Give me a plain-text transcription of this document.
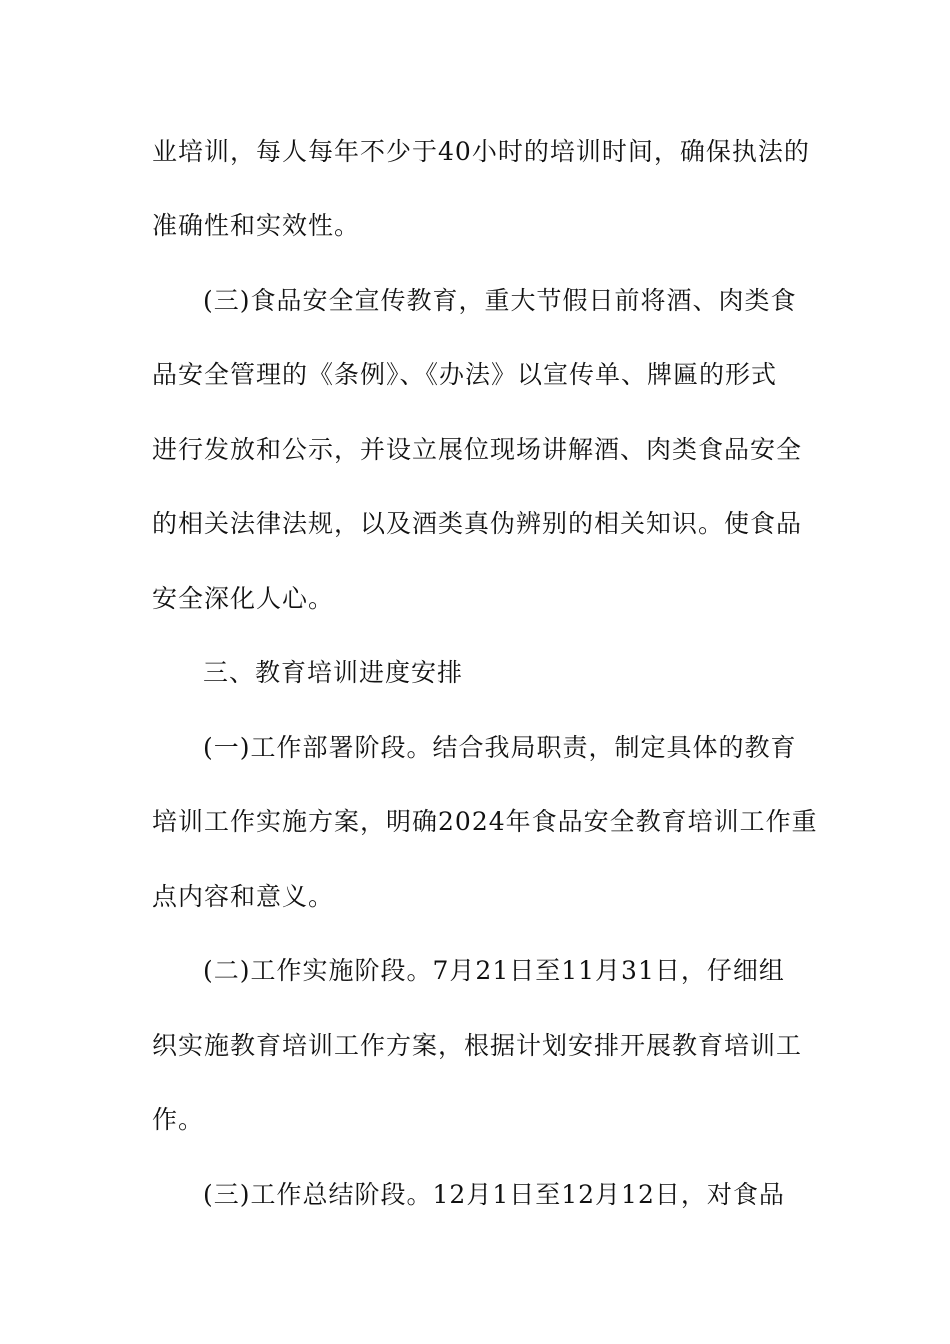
业培训，每人每年不少于40小时的培训时间，确保执法的
准确性和实效性。
(三)食品安全宣传教育，重大节假日前将酒、肉类食
品安全管理的《条例》、《办法》以宣传单、牌匾的形式
进行发放和公示，并设立展位现场讲解酒、肉类食品安全
的相关法律法规，以及酒类真伪辨别的相关知识。使食品
安全深化人心。
三、教育培训进度安排
(一)工作部署阶段。结合我局职责，制定具体的教育
培训工作实施方案，明确2024年食品安全教育培训工作重
点内容和意义。
(二)工作实施阶段。7月21日至11月31日，仔细组
织实施教育培训工作方案，根据计划安排开展教育培训工
作。
(三)工作总结阶段。12月1日至12月12日，对食品
